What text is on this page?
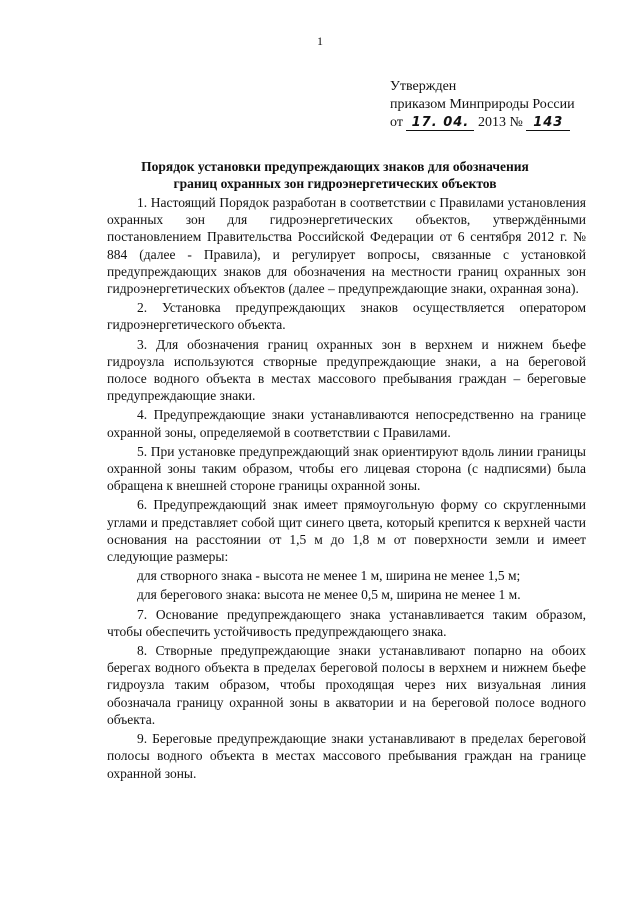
1
Утвержден
приказом Минприроды России
от 17. 04. 2013 № 143
Порядок установки предупреждающих знаков для обозначения
границ охранных зон гидроэнергетических объектов

1. Настоящий Порядок разработан в соответствии с Правилами установления охранных зон для гидроэнергетических объектов, утверждёнными постановлением Правительства Российской Федерации от 6 сентября 2012 г. № 884 (далее - Правила), и регулирует вопросы, связанные с установкой предупреждающих знаков для обозначения на местности границ охранных зон гидроэнергетических объектов (далее – предупреждающие знаки, охранная зона).

2. Установка предупреждающих знаков осуществляется оператором гидроэнергетического объекта.

3. Для обозначения границ охранных зон в верхнем и нижнем бьефе гидроузла используются створные предупреждающие знаки, а на береговой полосе водного объекта в местах массового пребывания граждан – береговые предупреждающие знаки.

4. Предупреждающие знаки устанавливаются непосредственно на границе охранной зоны, определяемой в соответствии с Правилами.

5. При установке предупреждающий знак ориентируют вдоль линии границы охранной зоны таким образом, чтобы его лицевая сторона (с надписями) была обращена к внешней стороне границы охранной зоны.

6. Предупреждающий знак имеет прямоугольную форму со скругленными углами и представляет собой щит синего цвета, который крепится к верхней части основания на расстоянии от 1,5 м до 1,8 м от поверхности земли и имеет следующие размеры:

для створного знака - высота не менее 1 м, ширина не менее 1,5 м;

для берегового знака: высота не менее 0,5 м, ширина не менее 1 м.

7. Основание предупреждающего знака устанавливается таким образом, чтобы обеспечить устойчивость предупреждающего знака.

8. Створные предупреждающие знаки устанавливают попарно на обоих берегах водного объекта в пределах береговой полосы в верхнем и нижнем бьефе гидроузла таким образом, чтобы проходящая через них визуальная линия обозначала границу охранной зоны в акватории и на береговой полосе водного объекта.

9. Береговые предупреждающие знаки устанавливают в пределах береговой полосы водного объекта в местах массового пребывания граждан на границе охранной зоны.
